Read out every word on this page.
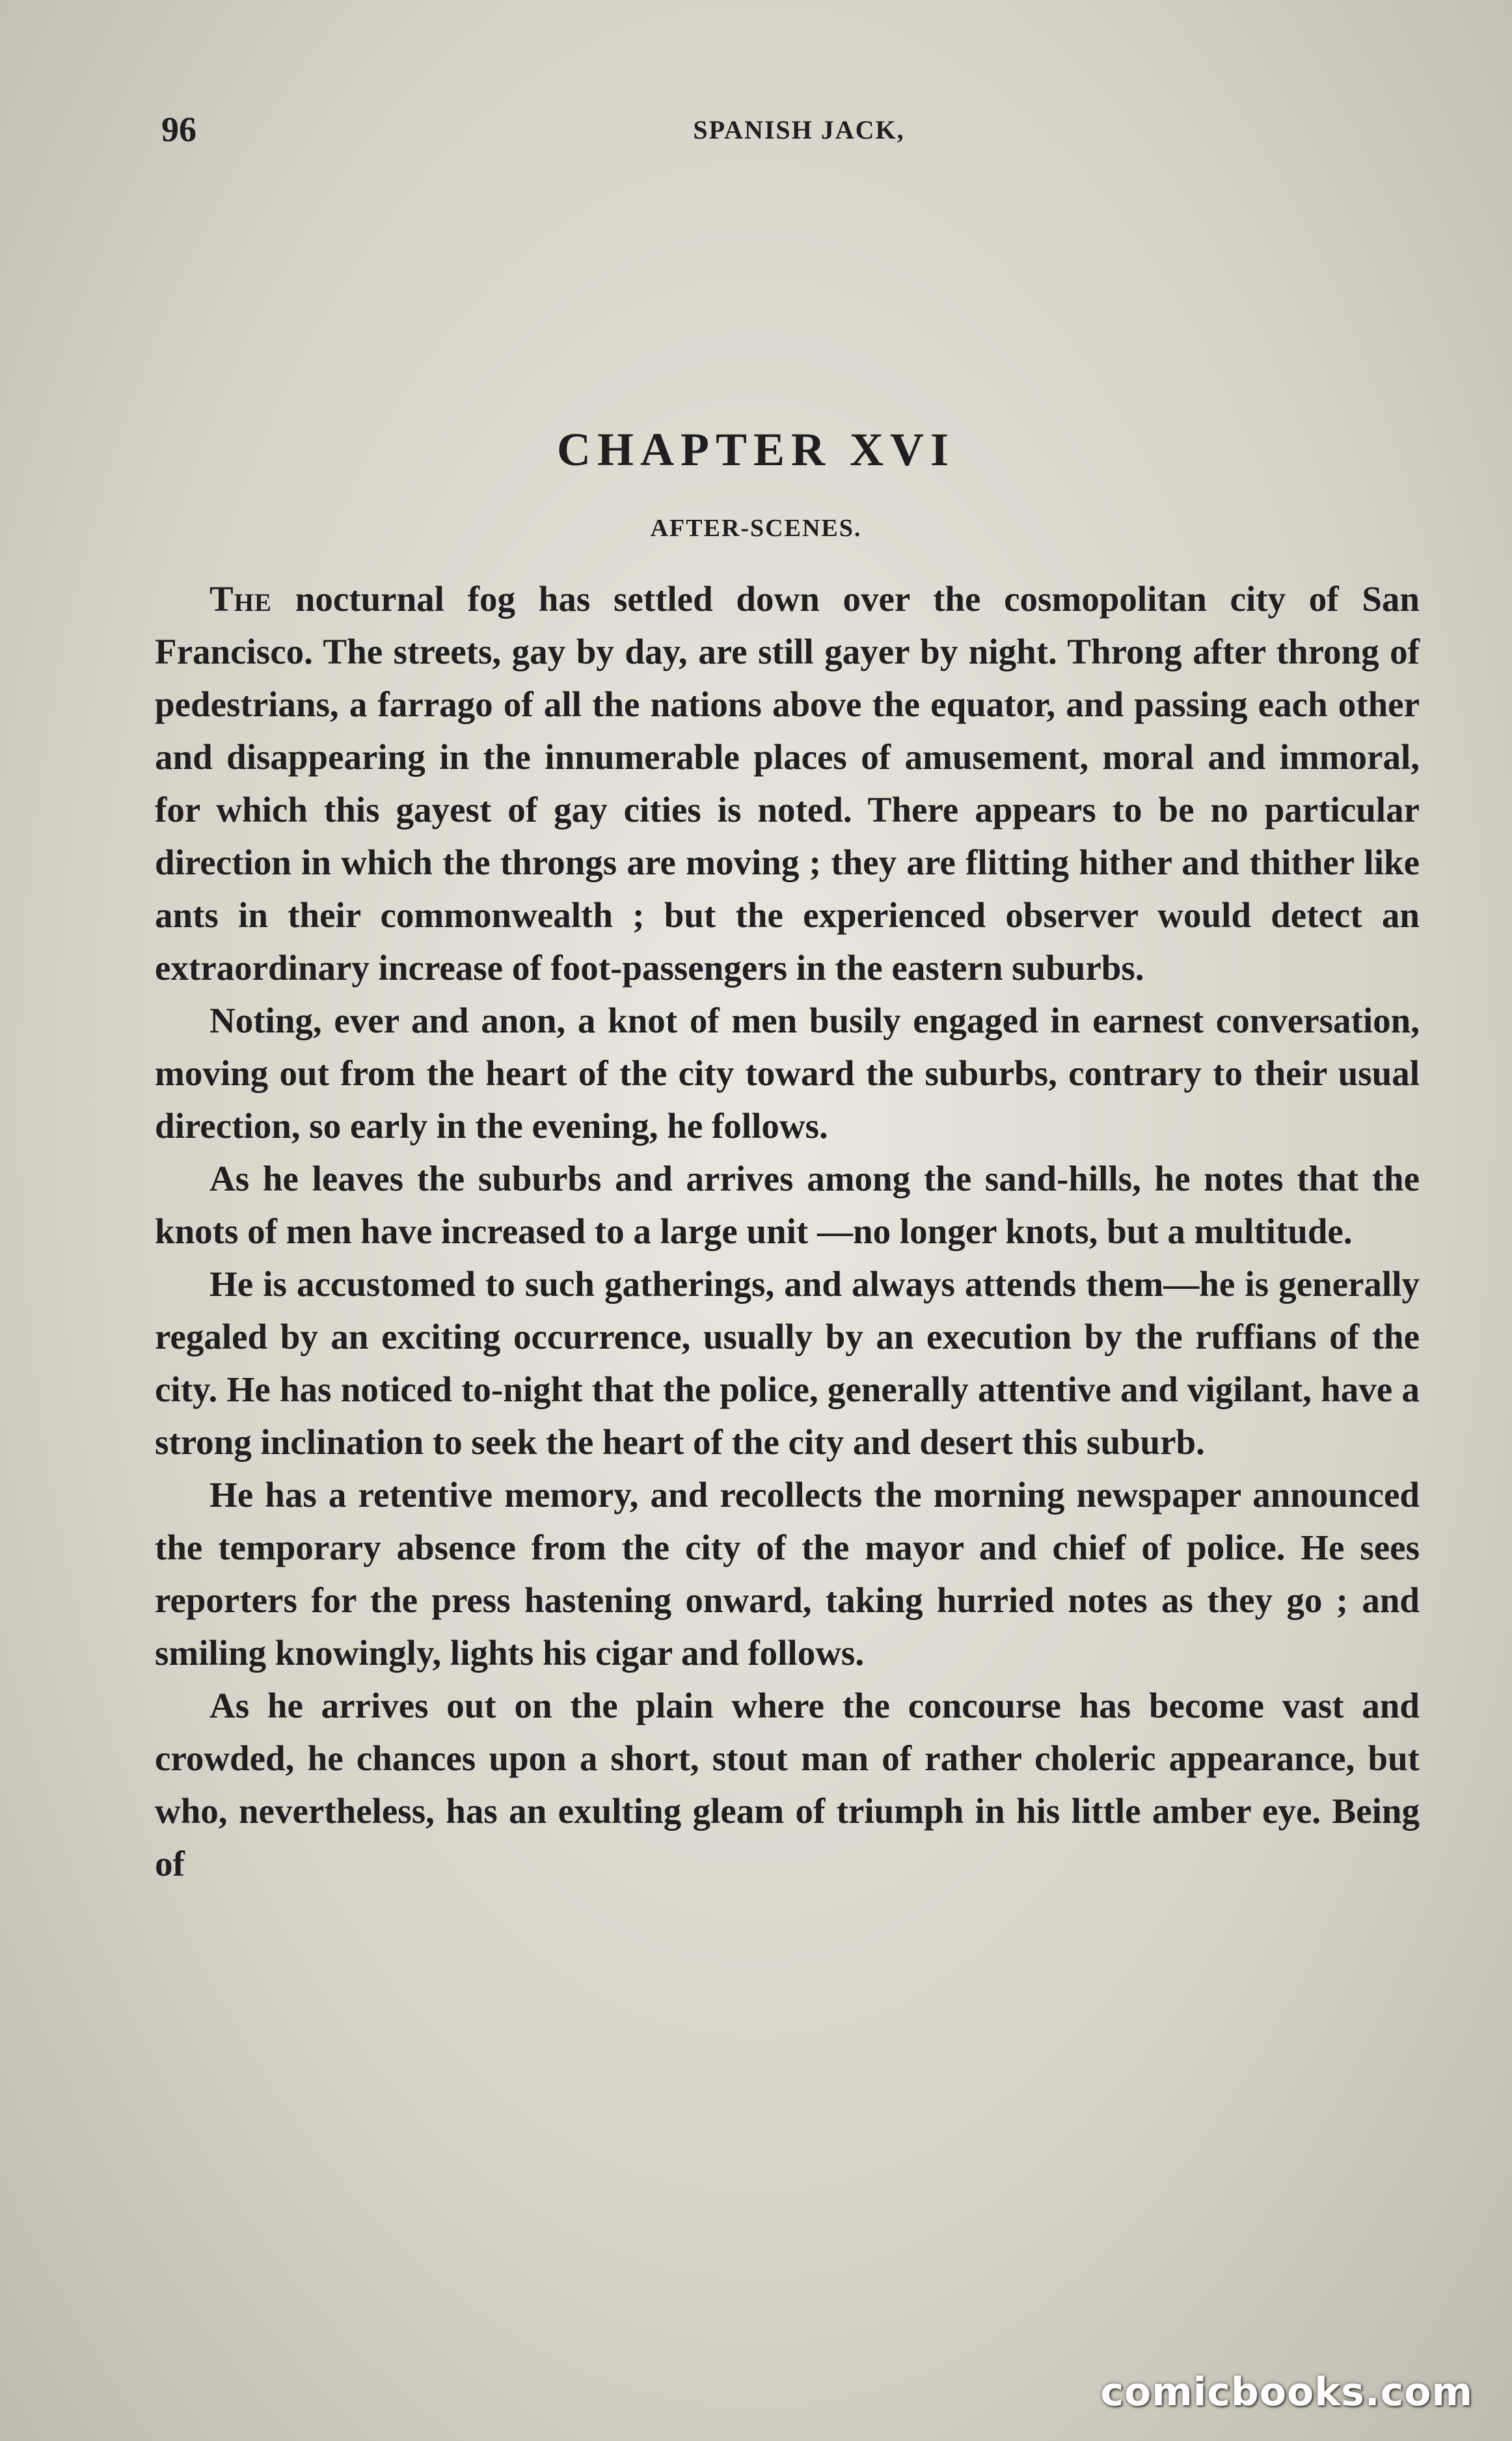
96	SPANISH JACK,
CHAPTER XVI
AFTER-SCENES.

The nocturnal fog has settled down over the cosmopolitan city of San Francisco. The streets, gay by day, are still gayer by night. Throng after throng of pedestrians, a farrago of all the nations above the equator, and passing each other and disappearing in the innumerable places of amusement, moral and immoral, for which this gayest of gay cities is noted. There appears to be no particular direction in which the throngs are moving ; they are flitting hither and thither like ants in their commonwealth ; but the experienced observer would detect an extraordinary increase of foot-passengers in the eastern suburbs.

Noting, ever and anon, a knot of men busily engaged in earnest conversation, moving out from the heart of the city toward the suburbs, contrary to their usual direction, so early in the evening, he follows.

As he leaves the suburbs and arrives among the sand-hills, he notes that the knots of men have increased to a large unit —no longer knots, but a multitude.

He is accustomed to such gatherings, and always attends them—he is generally regaled by an exciting occurrence, usually by an execution by the ruffians of the city. He has noticed to-night that the police, generally attentive and vigilant, have a strong inclination to seek the heart of the city and desert this suburb.

He has a retentive memory, and recollects the morning newspaper announced the temporary absence from the city of the mayor and chief of police. He sees reporters for the press hastening onward, taking hurried notes as they go ; and smiling knowingly, lights his cigar and follows.

As he arrives out on the plain where the concourse has become vast and crowded, he chances upon a short, stout man of rather choleric appearance, but who, nevertheless, has an exulting gleam of triumph in his little amber eye. Being of

comicbooks.com
